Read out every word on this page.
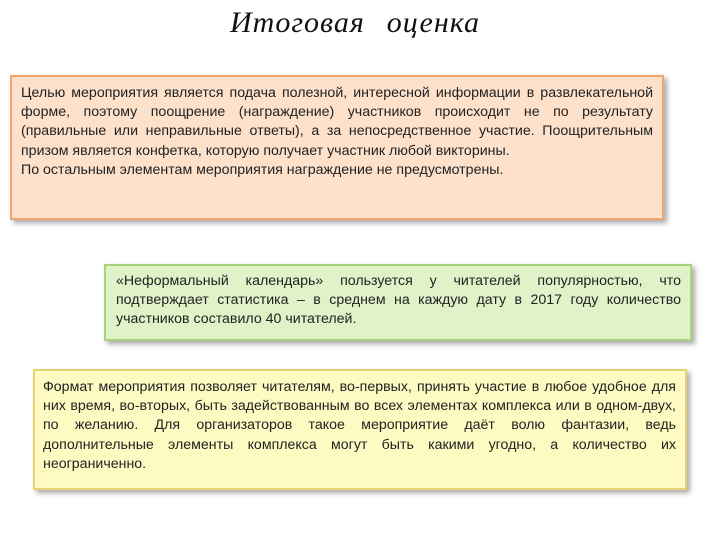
Итоговая оценка

Целью мероприятия является подача полезной, интересной информации в развлекательной форме, поэтому поощрение (награждение) участников происходит не по результату (правильные или неправильные ответы), а за непосредственное участие. Поощрительным призом является конфетка, которую получает участник любой викторины.

По остальным элементам мероприятия награждение не предусмотрены.

«Неформальный календарь» пользуется у читателей популярностью, что подтверждает статистика – в среднем на каждую дату в 2017 году количество участников составило 40 читателей.

Формат мероприятия позволяет читателям, во-первых, принять участие в любое удобное для них время, во-вторых, быть задействованным во всех элементах комплекса или в одном-двух, по желанию. Для организаторов такое мероприятие даёт волю фантазии, ведь дополнительные элементы комплекса могут быть какими угодно, а количество их неограниченно.
